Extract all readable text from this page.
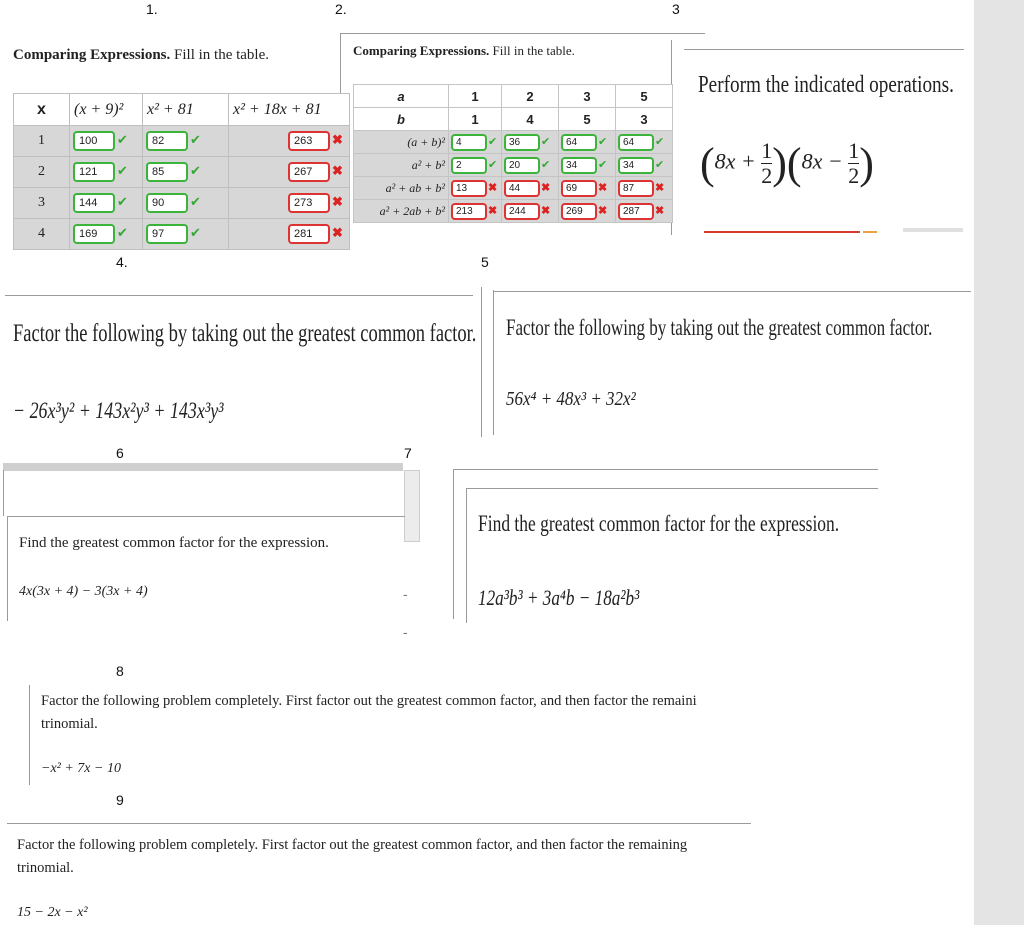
1.	2.	3
Comparing Expressions. Fill in the table.
x	(x + 9)²	x² + 81	x² + 18x + 81
1	100 ✔	82 ✔	263 ✖
2	121 ✔	85 ✔	267 ✖
3	144 ✔	90 ✔	273 ✖
4	169 ✔	97 ✔	281 ✖
Comparing Expressions. Fill in the table.
a	1	2	3	5
b	1	4	5	3
(a + b)²	4 ✔	36 ✔	64 ✔	64 ✔
a² + b²	2 ✔	20 ✔	34 ✔	34 ✔
a² + ab + b²	13 ✖	44 ✖	69 ✖	87 ✖
a² + 2ab + b²	213 ✖	244 ✖	269 ✖	287 ✖
Perform the indicated operations.
$(8x + \frac{1}{2} )(8x - \frac{1}{2}$ )
4.	5
Factor the following by taking out the greatest common factor.
− 26x³y² + 143x²y³ + 143x³y³
Factor the following by taking out the greatest common factor.
56x⁴ + 48x³ + 32x²
6	7
Find the greatest common factor for the expression.
4x(3x + 4) − 3(3x + 4)	-
-
Find the greatest common factor for the expression.
12a³b³ + 3a⁴b − 18a²b³
8
Factor the following problem completely. First factor out the greatest common factor, and then factor the remaini
trinomial.
−x² + 7x − 10
9
Factor the following problem completely. First factor out the greatest common factor, and then factor the remaining
trinomial.
15 − 2x − x²
